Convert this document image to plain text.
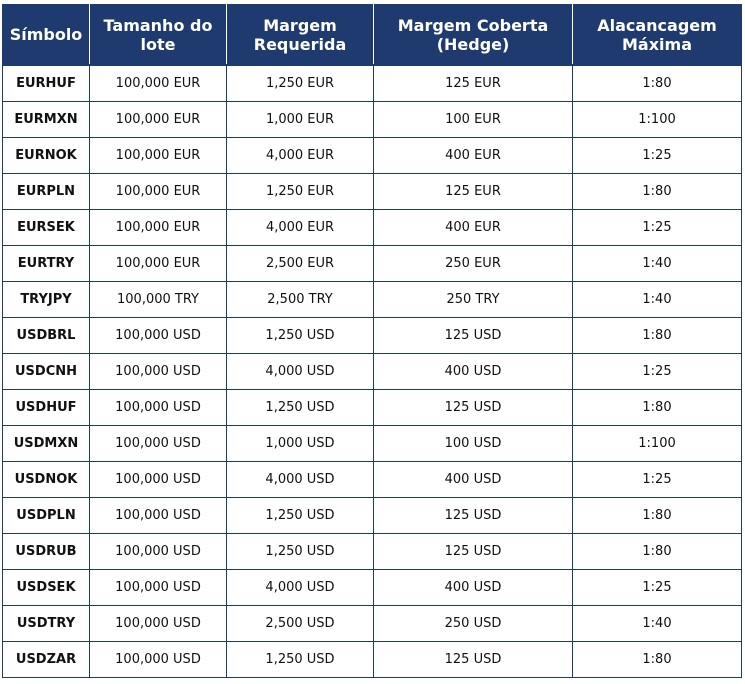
Símbolo	Tamanho do lote	Margem Requerida	Margem Coberta (Hedge)	Alacancagem Máxima
EURHUF	100,000 EUR	1,250 EUR	125 EUR	1:80
EURMXN	100,000 EUR	1,000 EUR	100 EUR	1:100
EURNOK	100,000 EUR	4,000 EUR	400 EUR	1:25
EURPLN	100,000 EUR	1,250 EUR	125 EUR	1:80
EURSEK	100,000 EUR	4,000 EUR	400 EUR	1:25
EURTRY	100,000 EUR	2,500 EUR	250 EUR	1:40
TRYJPY	100,000 TRY	2,500 TRY	250 TRY	1:40
USDBRL	100,000 USD	1,250 USD	125 USD	1:80
USDCNH	100,000 USD	4,000 USD	400 USD	1:25
USDHUF	100,000 USD	1,250 USD	125 USD	1:80
USDMXN	100,000 USD	1,000 USD	100 USD	1:100
USDNOK	100,000 USD	4,000 USD	400 USD	1:25
USDPLN	100,000 USD	1,250 USD	125 USD	1:80
USDRUB	100,000 USD	1,250 USD	125 USD	1:80
USDSEK	100,000 USD	4,000 USD	400 USD	1:25
USDTRY	100,000 USD	2,500 USD	250 USD	1:40
USDZAR	100,000 USD	1,250 USD	125 USD	1:80
